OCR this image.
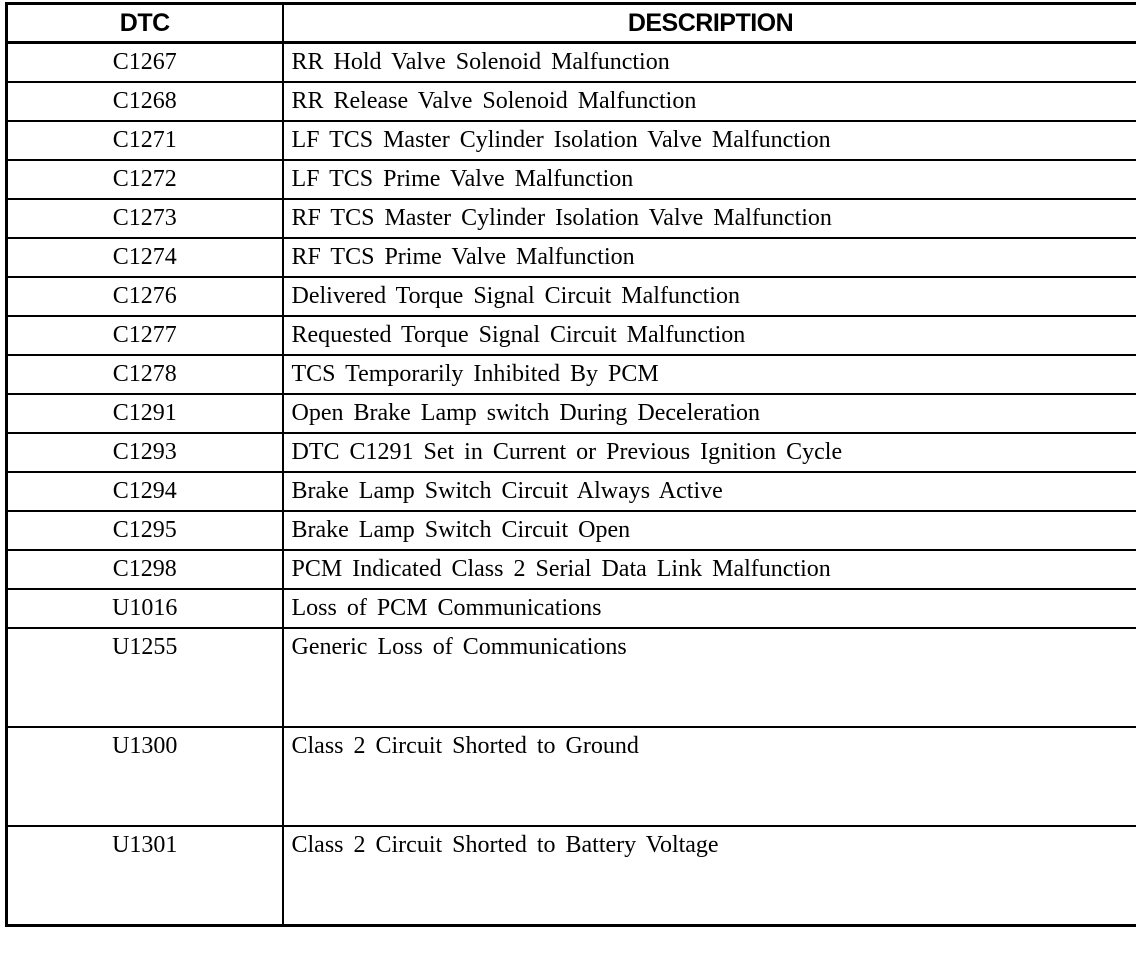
DTC	DESCRIPTION
C1267	RR Hold Valve Solenoid Malfunction
C1268	RR Release Valve Solenoid Malfunction
C1271	LF TCS Master Cylinder Isolation Valve Malfunction
C1272	LF TCS Prime Valve Malfunction
C1273	RF TCS Master Cylinder Isolation Valve Malfunction
C1274	RF TCS Prime Valve Malfunction
C1276	Delivered Torque Signal Circuit Malfunction
C1277	Requested Torque Signal Circuit Malfunction
C1278	TCS Temporarily Inhibited By PCM
C1291	Open Brake Lamp switch During Deceleration
C1293	DTC C1291 Set in Current or Previous Ignition Cycle
C1294	Brake Lamp Switch Circuit Always Active
C1295	Brake Lamp Switch Circuit Open
C1298	PCM Indicated Class 2 Serial Data Link Malfunction
U1016	Loss of PCM Communications
U1255	Generic Loss of Communications
U1300	Class 2 Circuit Shorted to Ground
U1301	Class 2 Circuit Shorted to Battery Voltage
